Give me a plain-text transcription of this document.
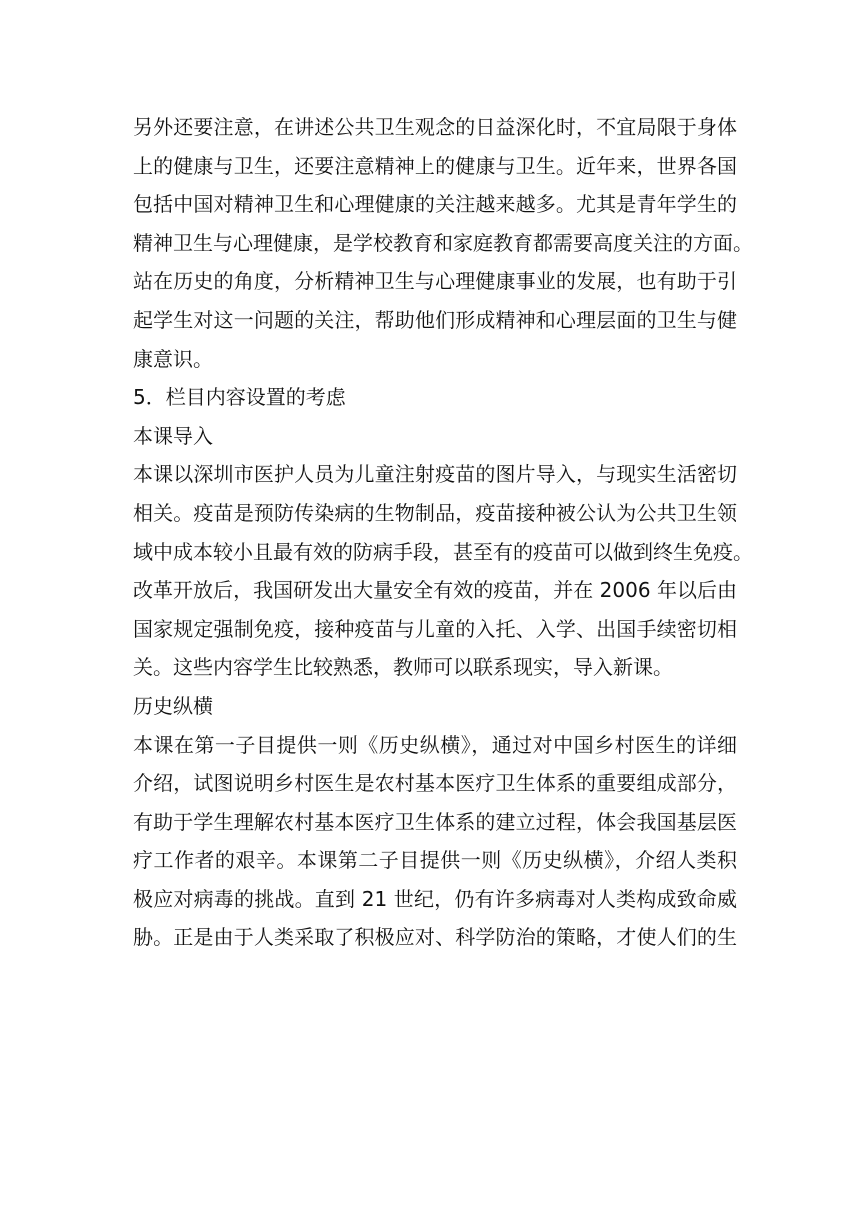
另外还要注意，在讲述公共卫生观念的日益深化时，不宜局限于身体
上的健康与卫生，还要注意精神上的健康与卫生。近年来，世界各国
包括中国对精神卫生和心理健康的关注越来越多。尤其是青年学生的
精神卫生与心理健康，是学校教育和家庭教育都需要高度关注的方面。
站在历史的角度，分析精神卫生与心理健康事业的发展，也有助于引
起学生对这一问题的关注，帮助他们形成精神和心理层面的卫生与健
康意识。
5．栏目内容设置的考虑
本课导入
本课以深圳市医护人员为儿童注射疫苗的图片导入，与现实生活密切
相关。疫苗是预防传染病的生物制品，疫苗接种被公认为公共卫生领
域中成本较小且最有效的防病手段，甚至有的疫苗可以做到终生免疫。
改革开放后，我国研发出大量安全有效的疫苗，并在 2006 年以后由
国家规定强制免疫，接种疫苗与儿童的入托、入学、出国手续密切相
关。这些内容学生比较熟悉，教师可以联系现实，导入新课。
历史纵横
本课在第一子目提供一则《历史纵横》，通过对中国乡村医生的详细
介绍，试图说明乡村医生是农村基本医疗卫生体系的重要组成部分，
有助于学生理解农村基本医疗卫生体系的建立过程，体会我国基层医
疗工作者的艰辛。本课第二子目提供一则《历史纵横》，介绍人类积
极应对病毒的挑战。直到 21 世纪，仍有许多病毒对人类构成致命威
胁。正是由于人类采取了积极应对、科学防治的策略，才使人们的生
